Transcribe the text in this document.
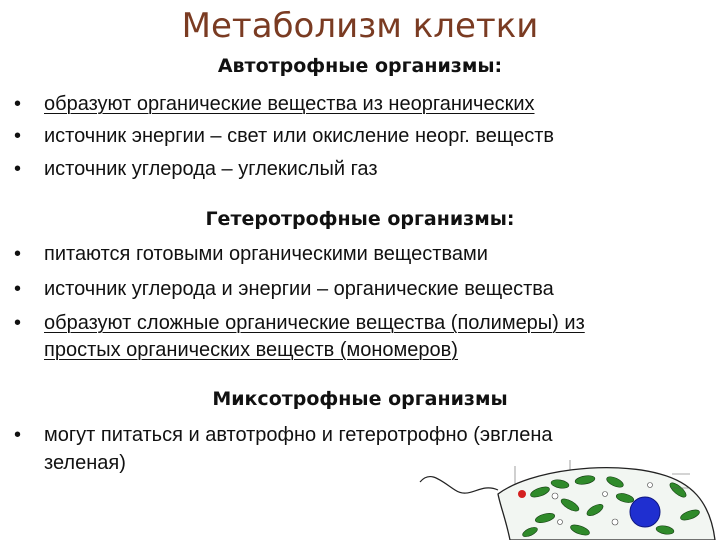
Метаболизм клетки
Автотрофные организмы:
• образуют органические вещества из неорганических
• источник энергии – свет или окисление неорг. веществ
• источник углерода – углекислый газ
Гетеротрофные организмы:
• питаются готовыми органическими веществами
• источник углерода и энергии – органические вещества
• образуют сложные органические вещества (полимеры) из
простых органических веществ (мономеров)
Миксотрофные организмы
• могут питаться и автотрофно и гетеротрофно (эвглена
зеленая)
